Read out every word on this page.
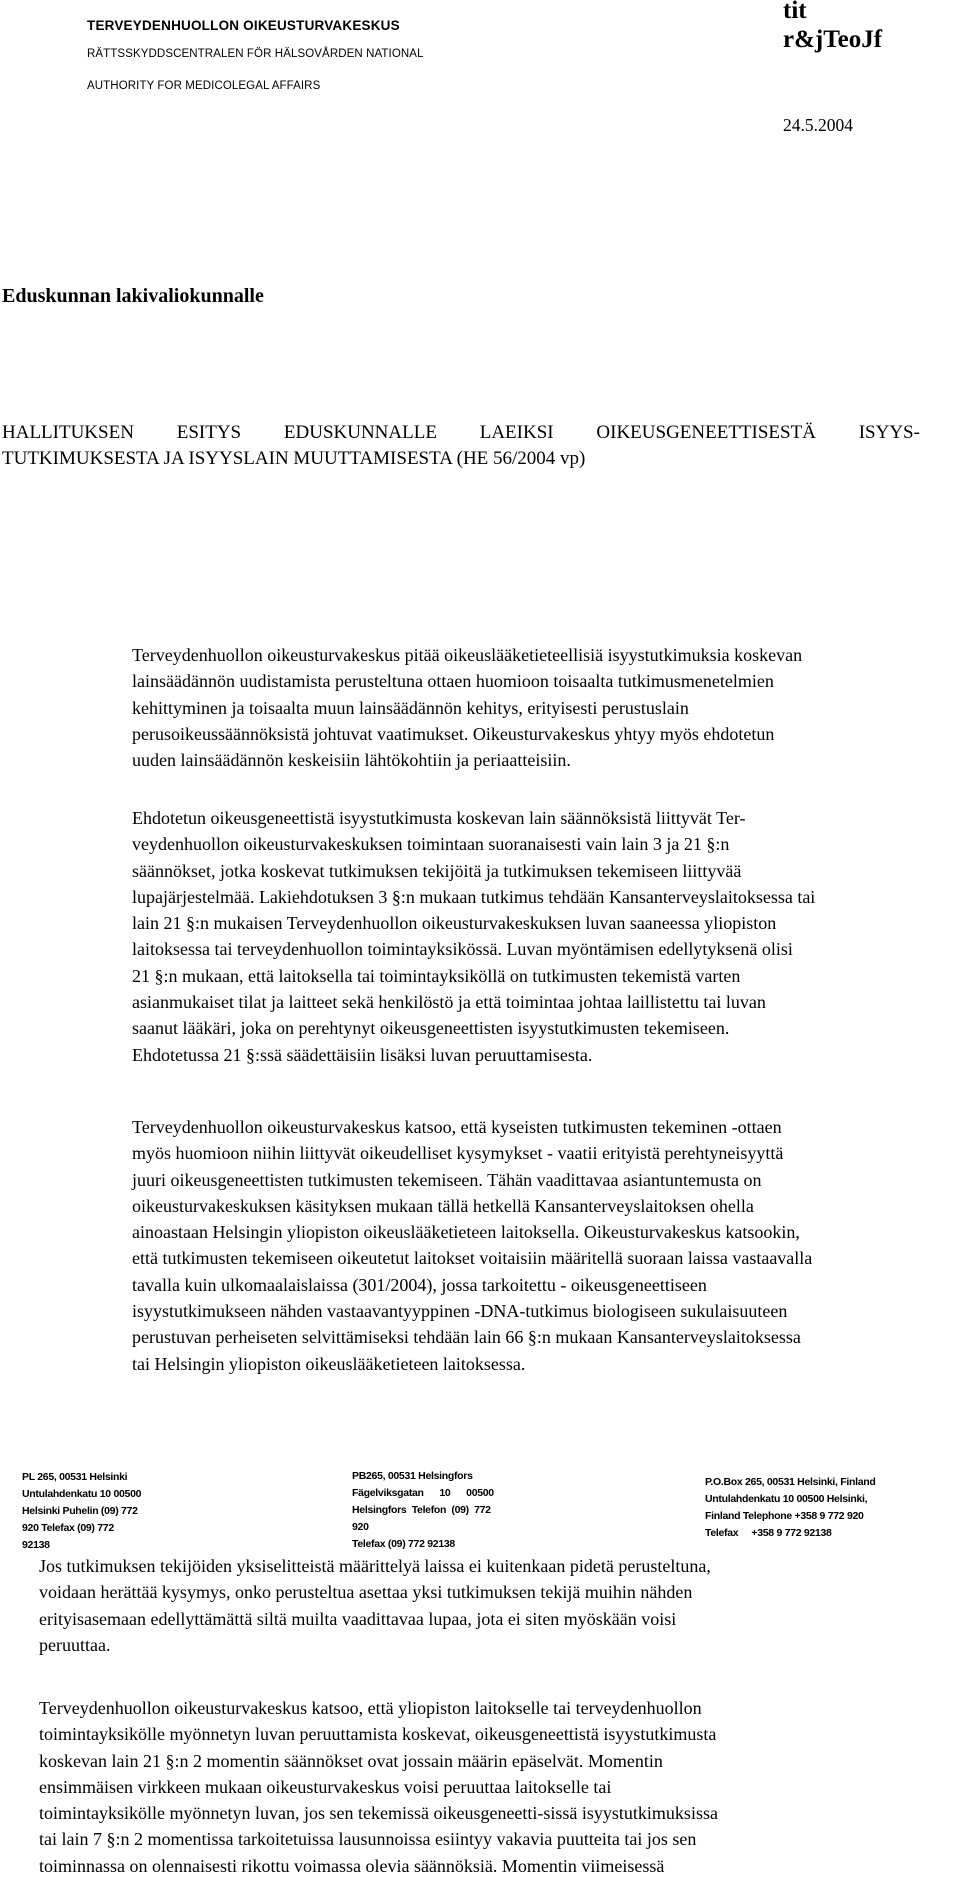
TERVEYDENHUOLLON OIKEUSTURVAKESKUS
RÄTTSSKYDDSCENTRALEN FÖR HÄLSOVÅRDEN NATIONAL
AUTHORITY FOR MEDICOLEGAL AFFAIRS
tit
r&jTeoJf
24.5.2004
Eduskunnan lakivaliokunnalle
HALLITUKSEN ESITYS EDUSKUNNALLE LAEIKSI OIKEUSGENEETTISESTÄ ISYYS-
TUTKIMUKSESTA JA ISYYSLAIN MUUTTAMISESTA (HE 56/2004 vp)
Terveydenhuollon oikeusturvakeskus pitää oikeuslääketieteellisiä isyystutkimuksia koskevan
lainsäädännön uudistamista perusteltuna ottaen huomioon toisaalta tutkimusmenetelmien
kehittyminen ja toisaalta muun lainsäädännön kehitys, erityisesti perustuslain
perusoikeussäännöksistä johtuvat vaatimukset. Oikeusturvakeskus yhtyy myös ehdotetun
uuden lainsäädännön keskeisiin lähtökohtiin ja periaatteisiin.
Ehdotetun oikeusgeneettistä isyystutkimusta koskevan lain säännöksistä liittyvät Ter-
veydenhuollon oikeusturvakeskuksen toimintaan suoranaisesti vain lain 3 ja 21 §:n
säännökset, jotka koskevat tutkimuksen tekijöitä ja tutkimuksen tekemiseen liittyvää
lupajärjestelmää. Lakiehdotuksen 3 §:n mukaan tutkimus tehdään Kansanterveyslaitoksessa tai
lain 21 §:n mukaisen Terveydenhuollon oikeusturvakeskuksen luvan saaneessa yliopiston
laitoksessa tai terveydenhuollon toimintayksikössä. Luvan myöntämisen edellytyksenä olisi
21 §:n mukaan, että laitoksella tai toimintayksiköllä on tutkimusten tekemistä varten
asianmukaiset tilat ja laitteet sekä henkilöstö ja että toimintaa johtaa laillistettu tai luvan
saanut lääkäri, joka on perehtynyt oikeusgeneettisten isyystutkimusten tekemiseen.
Ehdotetussa 21 §:ssä säädettäisiin lisäksi luvan peruuttamisesta.
Terveydenhuollon oikeusturvakeskus katsoo, että kyseisten tutkimusten tekeminen -ottaen
myös huomioon niihin liittyvät oikeudelliset kysymykset - vaatii erityistä perehtyneisyyttä
juuri oikeusgeneettisten tutkimusten tekemiseen. Tähän vaadittavaa asiantuntemusta on
oikeusturvakeskuksen käsityksen mukaan tällä hetkellä Kansanterveyslaitoksen ohella
ainoastaan Helsingin yliopiston oikeuslääketieteen laitoksella. Oikeusturvakeskus katsookin,
että tutkimusten tekemiseen oikeutetut laitokset voitaisiin määritellä suoraan laissa vastaavalla
tavalla kuin ulkomaalaislaissa (301/2004), jossa tarkoitettu - oikeusgeneettiseen
isyystutkimukseen nähden vastaavantyyppinen -DNA-tutkimus biologiseen sukulaisuuteen
perustuvan perheiseten selvittämiseksi tehdään lain 66 §:n mukaan Kansanterveyslaitoksessa
tai Helsingin yliopiston oikeuslääketieteen laitoksessa.
PL 265, 00531 Helsinki
Untulahdenkatu 10 00500
Helsinki Puhelin (09) 772
920 Telefax (09) 772
92138
PB265, 00531 Helsingfors
Fägelviksgatan      10      00500
Helsingfors  Telefon  (09)  772
920
Telefax (09) 772 92138
P.O.Box 265, 00531 Helsinki, Finland
Untulahdenkatu 10 00500 Helsinki,
Finland Telephone +358 9 772 920
Telefax     +358 9 772 92138
Jos tutkimuksen tekijöiden yksiselitteistä määrittelyä laissa ei kuitenkaan pidetä perusteltuna,
voidaan herättää kysymys, onko perusteltua asettaa yksi tutkimuksen tekijä muihin nähden
erityisasemaan edellyttämättä siltä muilta vaadittavaa lupaa, jota ei siten myöskään voisi
peruuttaa.
Terveydenhuollon oikeusturvakeskus katsoo, että yliopiston laitokselle tai terveydenhuollon
toimintayksikölle myönnetyn luvan peruuttamista koskevat, oikeusgeneettistä isyystutkimusta
koskevan lain 21 §:n 2 momentin säännökset ovat jossain määrin epäselvät. Momentin
ensimmäisen virkkeen mukaan oikeusturvakeskus voisi peruuttaa laitokselle tai
toimintayksikölle myönnetyn luvan, jos sen tekemissä oikeusgeneetti-sissä isyystutkimuksissa
tai lain 7 §:n 2 momentissa tarkoitetuissa lausunnoissa esiintyy vakavia puutteita tai jos sen
toiminnassa on olennaisesti rikottu voimassa olevia säännöksiä. Momentin viimeisessä
